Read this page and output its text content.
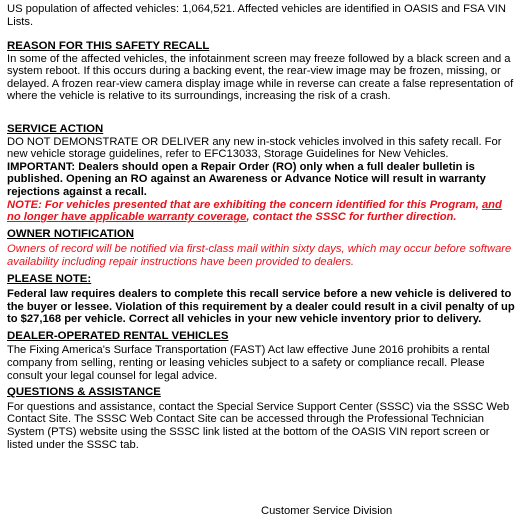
US population of affected vehicles: 1,064,521. Affected vehicles are identified in OASIS and FSA VIN Lists.

REASON FOR THIS SAFETY RECALL

In some of the affected vehicles, the infotainment screen may freeze followed by a black screen and a system reboot. If this occurs during a backing event, the rear-view image may be frozen, missing, or delayed. A frozen rear-view camera display image while in reverse can create a false representation of where the vehicle is relative to its surroundings, increasing the risk of a crash.

SERVICE ACTION

DO NOT DEMONSTRATE OR DELIVER any new in-stock vehicles involved in this safety recall. For new vehicle storage guidelines, refer to EFC13033, Storage Guidelines for New Vehicles.

IMPORTANT: Dealers should open a Repair Order (RO) only when a full dealer bulletin is published. Opening an RO against an Awareness or Advance Notice will result in warranty rejections against a recall.

NOTE: For vehicles presented that are exhibiting the concern identified for this Program, and no longer have applicable warranty coverage, contact the SSSC for further direction.

OWNER NOTIFICATION

Owners of record will be notified via first-class mail within sixty days, which may occur before software availability including repair instructions have been provided to dealers.

PLEASE NOTE:

Federal law requires dealers to complete this recall service before a new vehicle is delivered to the buyer or lessee. Violation of this requirement by a dealer could result in a civil penalty of up to $27,168 per vehicle. Correct all vehicles in your new vehicle inventory prior to delivery.

DEALER-OPERATED RENTAL VEHICLES

The Fixing America's Surface Transportation (FAST) Act law effective June 2016 prohibits a rental company from selling, renting or leasing vehicles subject to a safety or compliance recall. Please consult your legal counsel for legal advice.

QUESTIONS & ASSISTANCE

For questions and assistance, contact the Special Service Support Center (SSSC) via the SSSC Web Contact Site. The SSSC Web Contact Site can be accessed through the Professional Technician System (PTS) website using the SSSC link listed at the bottom of the OASIS VIN report screen or listed under the SSSC tab.

Customer Service Division
